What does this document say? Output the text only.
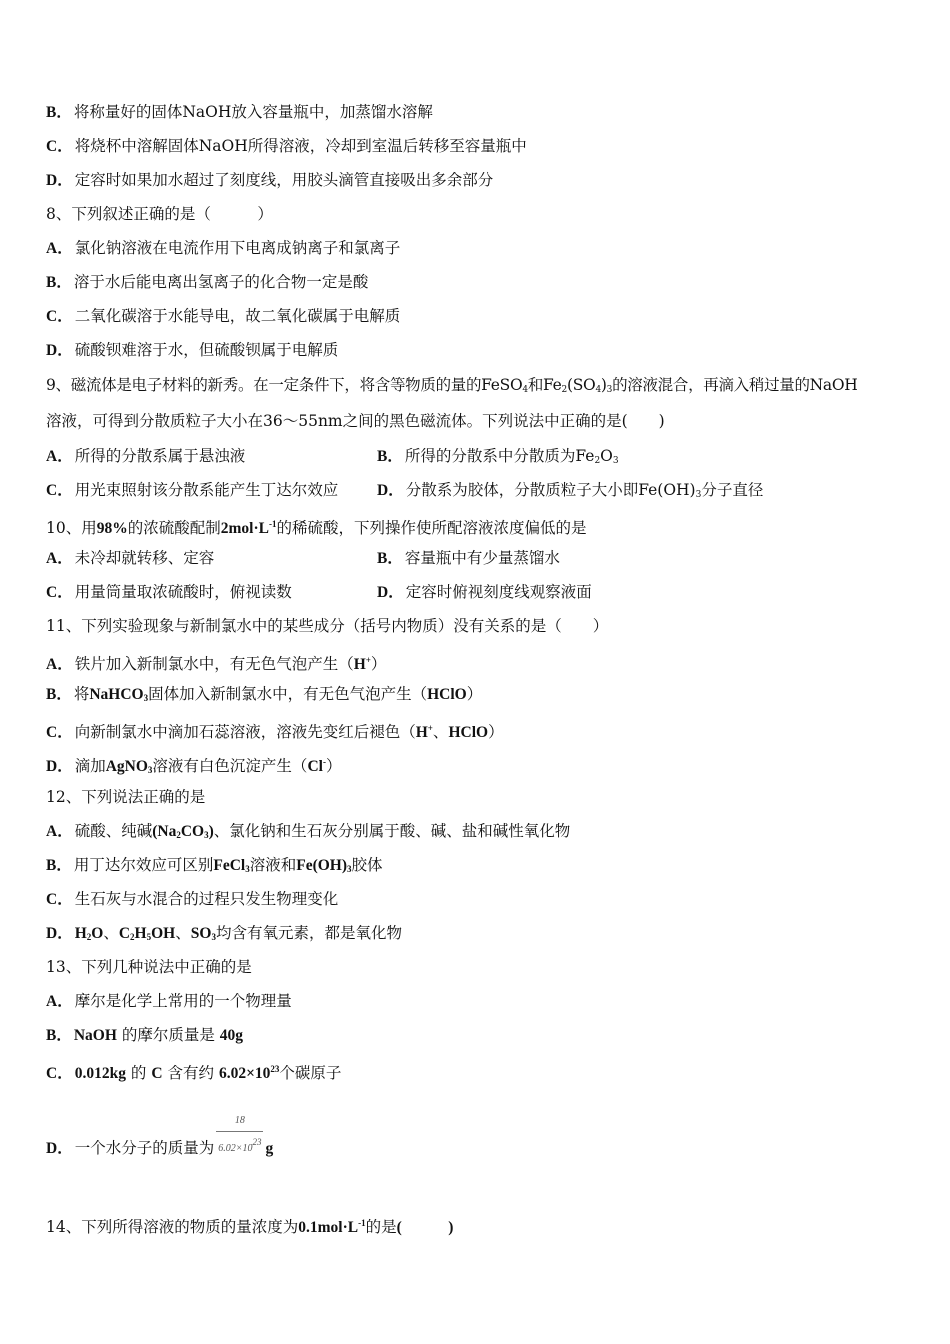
B． 将称量好的固体NaOH放入容量瓶中，加蒸馏水溶解
C． 将烧杯中溶解固体NaOH所得溶液，冷却到室温后转移至容量瓶中
D． 定容时如果加水超过了刻度线，用胶头滴管直接吸出多余部分
8、下列叙述正确的是（　　　）
A． 氯化钠溶液在电流作用下电离成钠离子和氯离子
B． 溶于水后能电离出氢离子的化合物一定是酸
C． 二氧化碳溶于水能导电，故二氧化碳属于电解质
D． 硫酸钡难溶于水，但硫酸钡属于电解质
9、磁流体是电子材料的新秀。在一定条件下，将含等物质的量的FeSO$_4$和$Fe_2(SO_4)_3$的溶液混合，再滴入稍过量的NaOH
溶液，可得到分散质粒子大小在36～55nm之间的黑色磁流体。下列说法中正确的是(　　)
A． 所得的分散系属于悬浊液	B． 所得的分散系中分散质为$Fe_2O_3$
C． 用光束照射该分散系能产生丁达尔效应	D． 分散系为胶体，分散质粒子大小即$Fe(OH)_3$分子直径
10、用98%的浓硫酸配制$2mol\cdot L^{-1}$的稀硫酸，下列操作使所配溶液浓度偏低的是
A． 未冷却就转移、定容	B． 容量瓶中有少量蒸馏水
C． 用量筒量取浓硫酸时，俯视读数	D． 定容时俯视刻度线观察液面
11、下列实验现象与新制氯水中的某些成分（括号内物质）没有关系的是（　　）
A． 铁片加入新制氯水中，有无色气泡产生（H+）
B． 将NaHCO$_3$固体加入新制氯水中，有无色气泡产生（HClO）
C． 向新制氯水中滴加石蕊溶液，溶液先变红后褪色（H+、HClO）
D． 滴加AgNO$_3$溶液有白色沉淀产生（Cl-）
12、下列说法正确的是
A． 硫酸、纯碱$(Na_2CO_3)$、氯化钠和生石灰分别属于酸、碱、盐和碱性氧化物
B． 用丁达尔效应可区别FeCl$_3$溶液和$Fe(OH)_3$胶体
C． 生石灰与水混合的过程只发生物理变化
D． $H_2O$、$C_2H_5OH$、$SO_3$均含有氧元素，都是氧化物
13、下列几种说法中正确的是
A． 摩尔是化学上常用的一个物理量
B． NaOH 的摩尔质量是 40g
C． 0.012kg 的 C 含有约 $6.02\times 10^{23}$个碳原子
D． 一个水分子的质量为 $\frac{18}{6.02\times 10^{23}}$ g
14、下列所得溶液的物质的量浓度为$0.1mol\cdot L^{-1}$的是(　　　)
